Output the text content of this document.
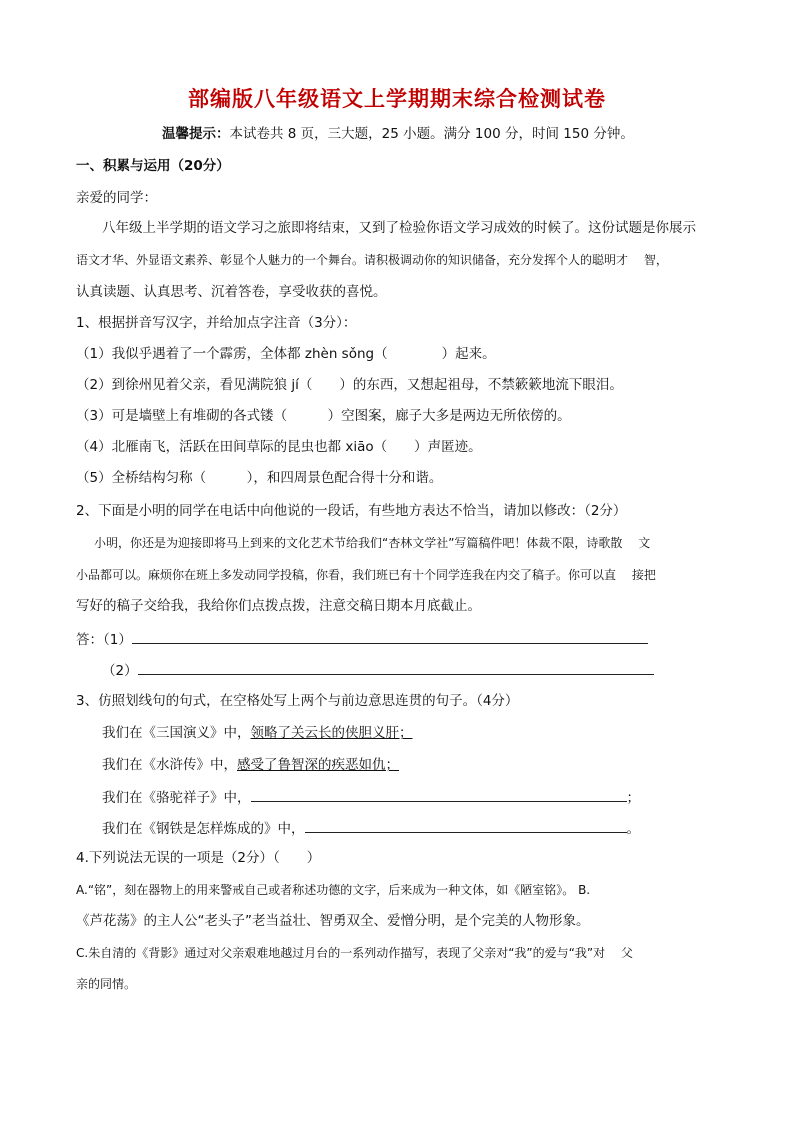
部编版八年级语文上学期期末综合检测试卷
温馨提示：本试卷共 8 页，三大题，25 小题。满分 100 分，时间 150 分钟。
一、积累与运用（20分）
亲爱的同学：
八年级上半学期的语文学习之旅即将结束，又到了检验你语文学习成效的时候了。这份试题是你展示
语文才华、外显语文素养、彰显个人魅力的一个舞台。请积极调动你的知识储备，充分发挥个人的聪明才　 智，
认真读题、认真思考、沉着答卷，享受收获的喜悦。
1、根据拼音写汉字，并给加点字注音（3分）：
（1）我似乎遇着了一个霹雳，全体都 zhèn sǒng（　　　　）起来。
（2）到徐州见着父亲，看见满院狼 jí（　　）的东西，又想起祖母，不禁簌簌地流下眼泪。
（3）可是墙壁上有堆砌的各式镂（　　　）空图案，廊子大多是两边无所依傍的。
（4）北雁南飞，活跃在田间草际的昆虫也都 xiāo（　　）声匿迹。
（5）全桥结构匀称（　　　），和四周景色配合得十分和谐。
2、下面是小明的同学在电话中向他说的一段话，有些地方表达不恰当，请加以修改：（2分）
小明，你还是为迎接即将马上到来的文化艺术节给我们“杏林文学社”写篇稿件吧！体裁不限，诗歌散　 文
小品都可以。麻烦你在班上多发动同学投稿，你看，我们班已有十个同学连我在内交了稿子。你可以直　 接把
写好的稿子交给我，我给你们点拨点拨，注意交稿日期本月底截止。
答：（1）
（2）
3、仿照划线句的句式，在空格处写上两个与前边意思连贯的句子。（4分）
我们在《三国演义》中，领略了关云长的侠胆义肝；
我们在《水浒传》中，感受了鲁智深的疾恶如仇；
我们在《骆驼祥子》中，	；
我们在《钢铁是怎样炼成的》中，	。
4.下列说法无误的一项是（2分）（　　）
A.“铭”，刻在器物上的用来警戒自己或者称述功德的文字，后来成为一种文体，如《陋室铭》。 B.
《芦花荡》的主人公“老头子”老当益壮、智勇双全、爱憎分明，是个完美的人物形象。
C.朱自清的《背影》通过对父亲艰难地越过月台的一系列动作描写，表现了父亲对“我”的爱与“我”对　 父
亲的同情。
